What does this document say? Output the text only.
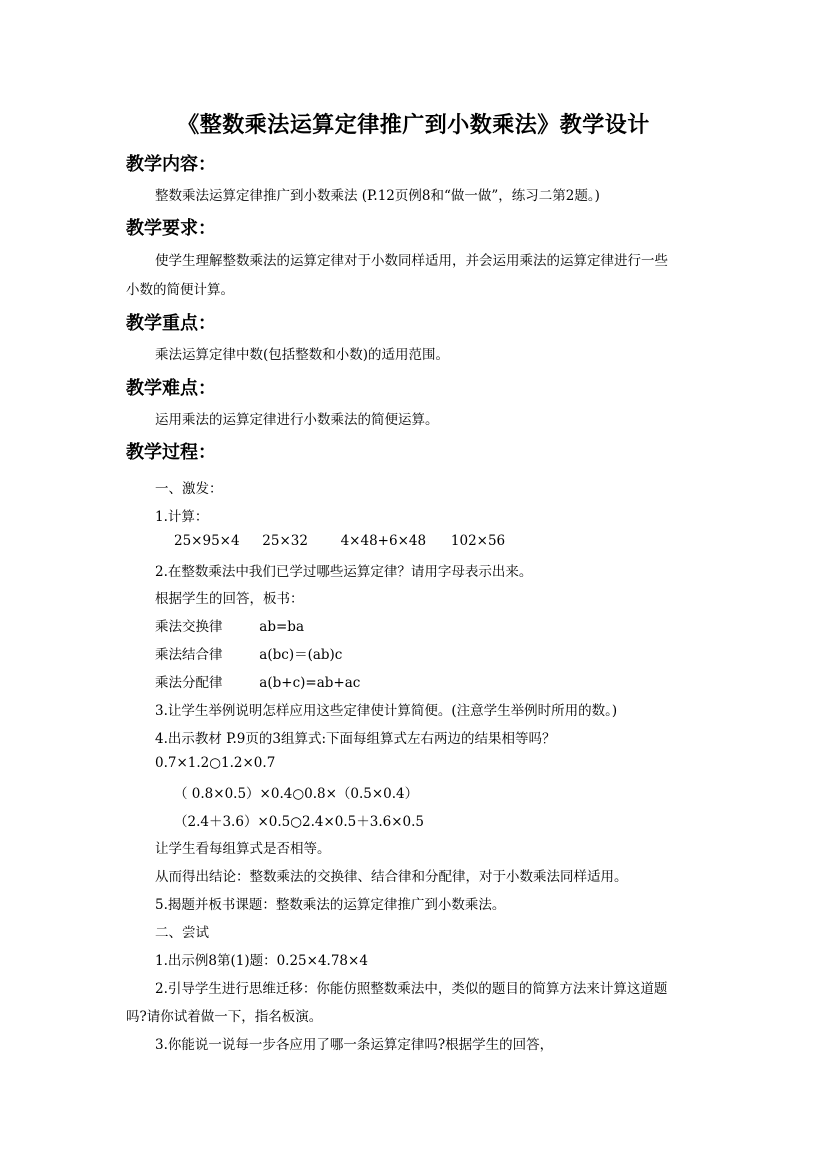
《整数乘法运算定律推广到小数乘法》教学设计
教学内容：
整数乘法运算定律推广到小数乘法 (P.12页例8和“做一做”，练习二第2题。)
教学要求：
使学生理解整数乘法的运算定律对于小数同样适用，并会运用乘法的运算定律进行一些
小数的简便计算。
教学重点：
乘法运算定律中数(包括整数和小数)的适用范围。
教学难点：
运用乘法的运算定律进行小数乘法的简便运算。
教学过程：
一、激发：
1.计算：
25×95×4 25×32 4×48+6×48 102×56
2.在整数乘法中我们已学过哪些运算定律？请用字母表示出来。
根据学生的回答，板书：
乘法交换律	ab=ba
乘法结合律	a(bc)＝(ab)c
乘法分配律	a(b+c)=ab+ac
3.让学生举例说明怎样应用这些定律使计算简便。(注意学生举例时所用的数。)
4.出示教材 P.9页的3组算式:下面每组算式左右两边的结果相等吗？
0.7×1.2○1.2×0.7
（ 0.8×0.5）×0.4○0.8×（0.5×0.4）
（2.4＋3.6）×0.5○2.4×0.5＋3.6×0.5
让学生看每组算式是否相等。
从而得出结论：整数乘法的交换律、结合律和分配律，对于小数乘法同样适用。
5.揭题并板书课题：整数乘法的运算定律推广到小数乘法。
二、尝试
1.出示例8第(1)题：0.25×4.78×4
2.引导学生进行思维迁移：你能仿照整数乘法中，类似的题目的简算方法来计算这道题
吗?请你试着做一下，指名板演。
3.你能说一说每一步各应用了哪一条运算定律吗?根据学生的回答，
